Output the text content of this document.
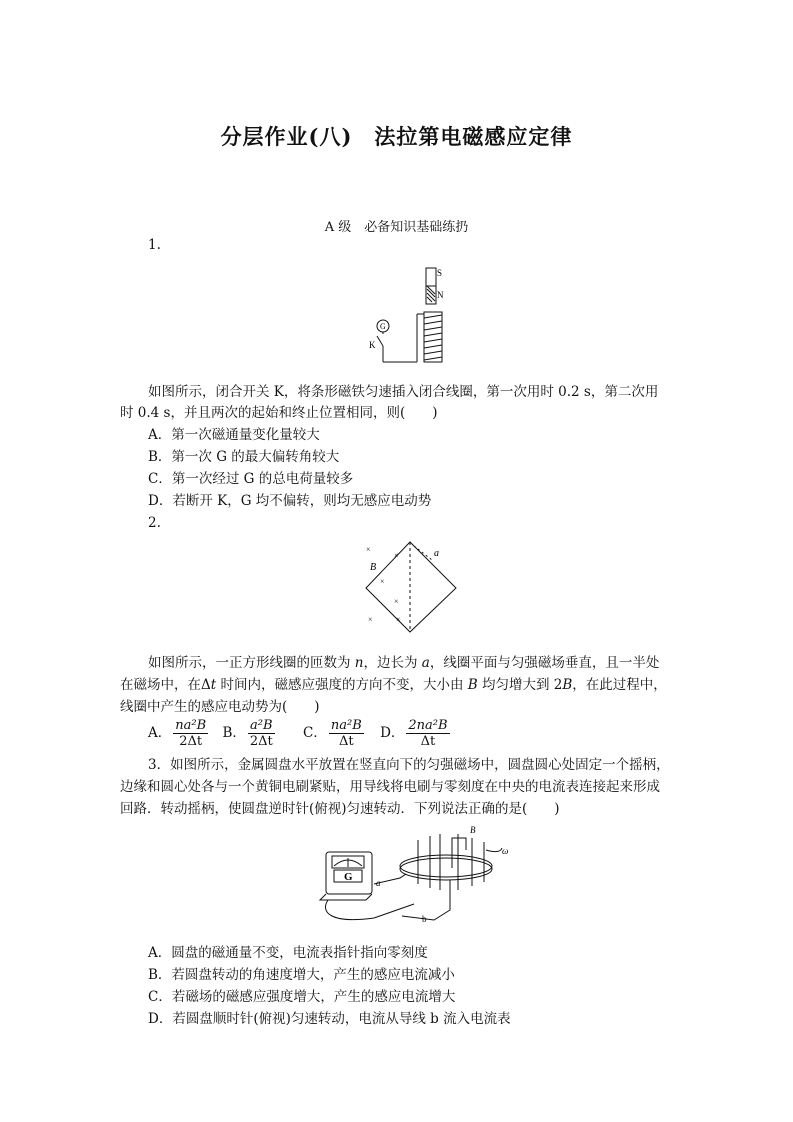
分层作业(八)　法拉第电磁感应定律
A 级　必备知识基础练扔
1.
S
N
G
K
如图所示，闭合开关 K，将条形磁铁匀速插入闭合线圈，第一次用时 0.2 s，第二次用
时 0.4 s，并且两次的起始和终止位置相同，则(　　)
A．第一次磁通量变化量较大
B．第一次 G 的最大偏转角较大
C．第一次经过 G 的总电荷量较多
D．若断开 K，G 均不偏转，则均无感应电动势
2.
×
×
×
×
×	×
B
a
如图所示，一正方形线圈的匝数为 n，边长为 a，线圈平面与匀强磁场垂直，且一半处
在磁场中，在Δt 时间内，磁感应强度的方向不变，大小由 B 均匀增大到 2B，在此过程中，
线圈中产生的感应电动势为(　　)
A． $\frac{\text{na²B}}{2\Delta t}$ B． $\frac{\text{a²B}}{2\Delta t}$ C． $\frac{\text{na²B}}{\Delta t}$ D． $\frac{\text{2na²B}}{\Delta t}$
3．如图所示，金属圆盘水平放置在竖直向下的匀强磁场中，圆盘圆心处固定一个摇柄，
边缘和圆心处各与一个黄铜电刷紧贴，用导线将电刷与零刻度在中央的电流表连接起来形成
回路．转动摇柄，使圆盘逆时针(俯视)匀速转动．下列说法正确的是(　　)
G
B
ω
a
b
A．圆盘的磁通量不变，电流表指针指向零刻度
B．若圆盘转动的角速度增大，产生的感应电流减小
C．若磁场的磁感应强度增大，产生的感应电流增大
D．若圆盘顺时针(俯视)匀速转动，电流从导线 b 流入电流表
